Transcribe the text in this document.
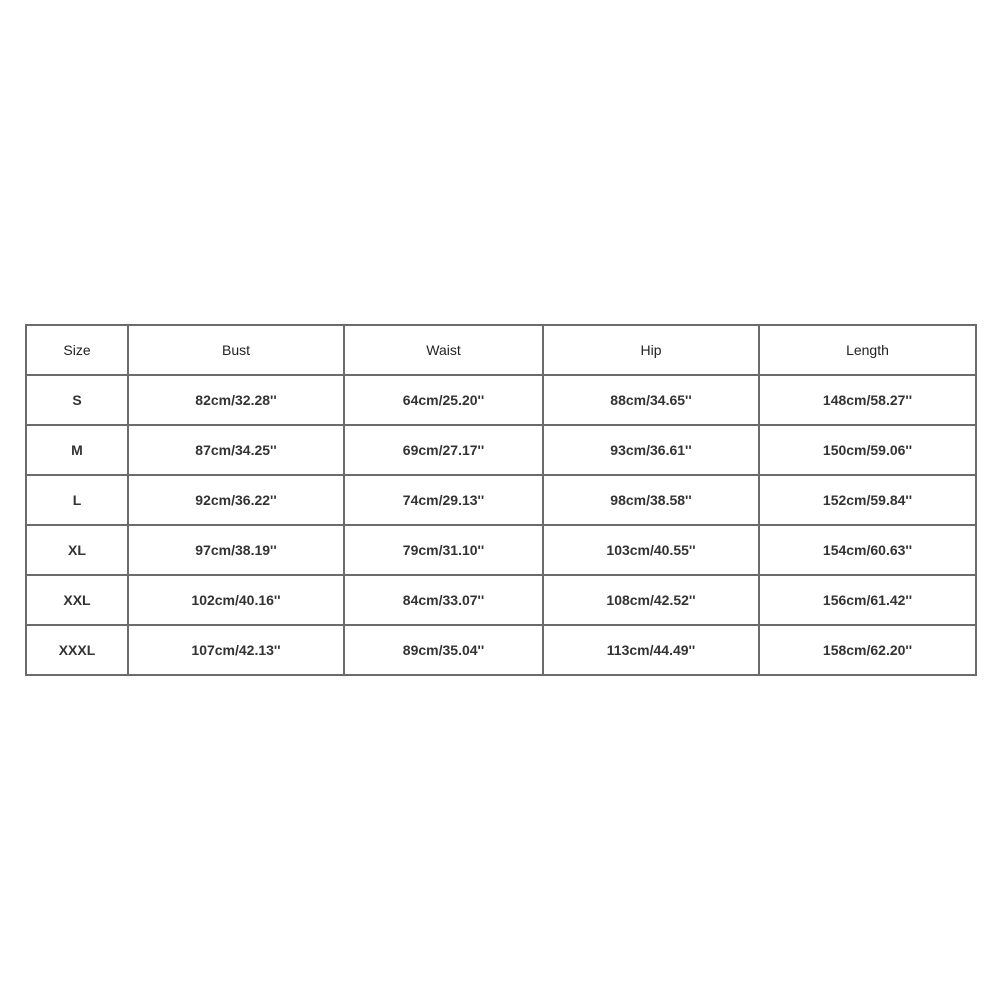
Size	Bust	Waist	Hip	Length
S	82cm/32.28''	64cm/25.20''	88cm/34.65''	148cm/58.27''
M	87cm/34.25''	69cm/27.17''	93cm/36.61''	150cm/59.06''
L	92cm/36.22''	74cm/29.13''	98cm/38.58''	152cm/59.84''
XL	97cm/38.19''	79cm/31.10''	103cm/40.55''	154cm/60.63''
XXL	102cm/40.16''	84cm/33.07''	108cm/42.52''	156cm/61.42''
XXXL	107cm/42.13''	89cm/35.04''	113cm/44.49''	158cm/62.20''
